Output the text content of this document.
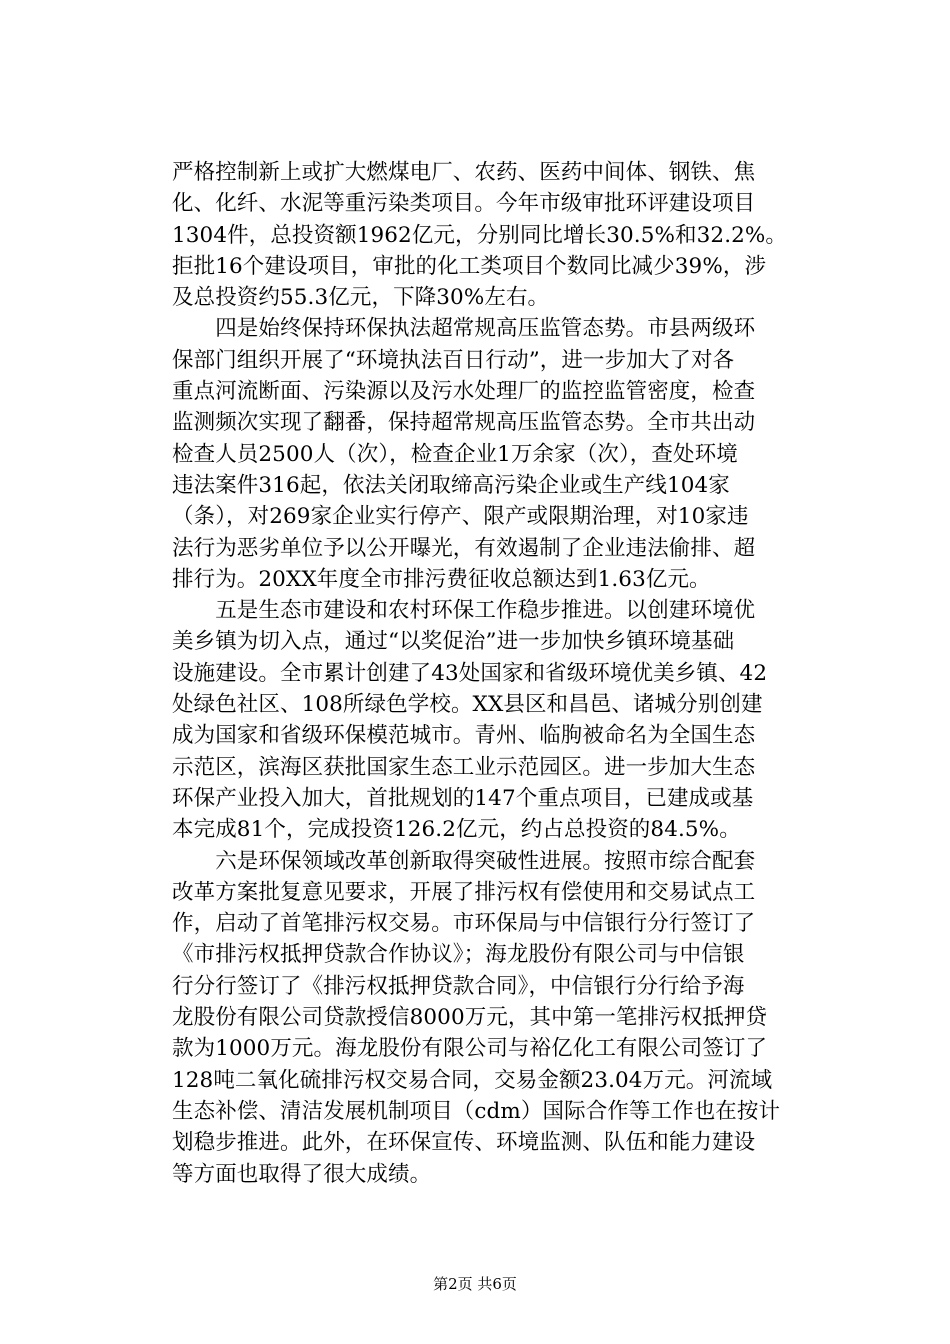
严格控制新上或扩大燃煤电厂、农药、医药中间体、钢铁、焦
化、化纤、水泥等重污染类项目。今年市级审批环评建设项目
1304件，总投资额1962亿元，分别同比增长30.5%和32.2%。
拒批16个建设项目，审批的化工类项目个数同比减少39%，涉
及总投资约55.3亿元，下降30%左右。
　　四是始终保持环保执法超常规高压监管态势。市县两级环
保部门组织开展了“环境执法百日行动”，进一步加大了对各
重点河流断面、污染源以及污水处理厂的监控监管密度，检查
监测频次实现了翻番，保持超常规高压监管态势。全市共出动
检查人员2500人（次），检查企业1万余家（次），查处环境
违法案件316起，依法关闭取缔高污染企业或生产线104家
（条），对269家企业实行停产、限产或限期治理，对10家违
法行为恶劣单位予以公开曝光，有效遏制了企业违法偷排、超
排行为。20XX年度全市排污费征收总额达到1.63亿元。
　　五是生态市建设和农村环保工作稳步推进。以创建环境优
美乡镇为切入点，通过“以奖促治”进一步加快乡镇环境基础
设施建设。全市累计创建了43处国家和省级环境优美乡镇、42
处绿色社区、108所绿色学校。XX县区和昌邑、诸城分别创建
成为国家和省级环保模范城市。青州、临朐被命名为全国生态
示范区，滨海区获批国家生态工业示范园区。进一步加大生态
环保产业投入加大，首批规划的147个重点项目，已建成或基
本完成81个，完成投资126.2亿元，约占总投资的84.5%。
　　六是环保领域改革创新取得突破性进展。按照市综合配套
改革方案批复意见要求，开展了排污权有偿使用和交易试点工
作，启动了首笔排污权交易。市环保局与中信银行分行签订了
《市排污权抵押贷款合作协议》；海龙股份有限公司与中信银
行分行签订了《排污权抵押贷款合同》，中信银行分行给予海
龙股份有限公司贷款授信8000万元，其中第一笔排污权抵押贷
款为1000万元。海龙股份有限公司与裕亿化工有限公司签订了
128吨二氧化硫排污权交易合同，交易金额23.04万元。河流域
生态补偿、清洁发展机制项目（cdm）国际合作等工作也在按计
划稳步推进。此外，在环保宣传、环境监测、队伍和能力建设
等方面也取得了很大成绩。
第2页 共6页
